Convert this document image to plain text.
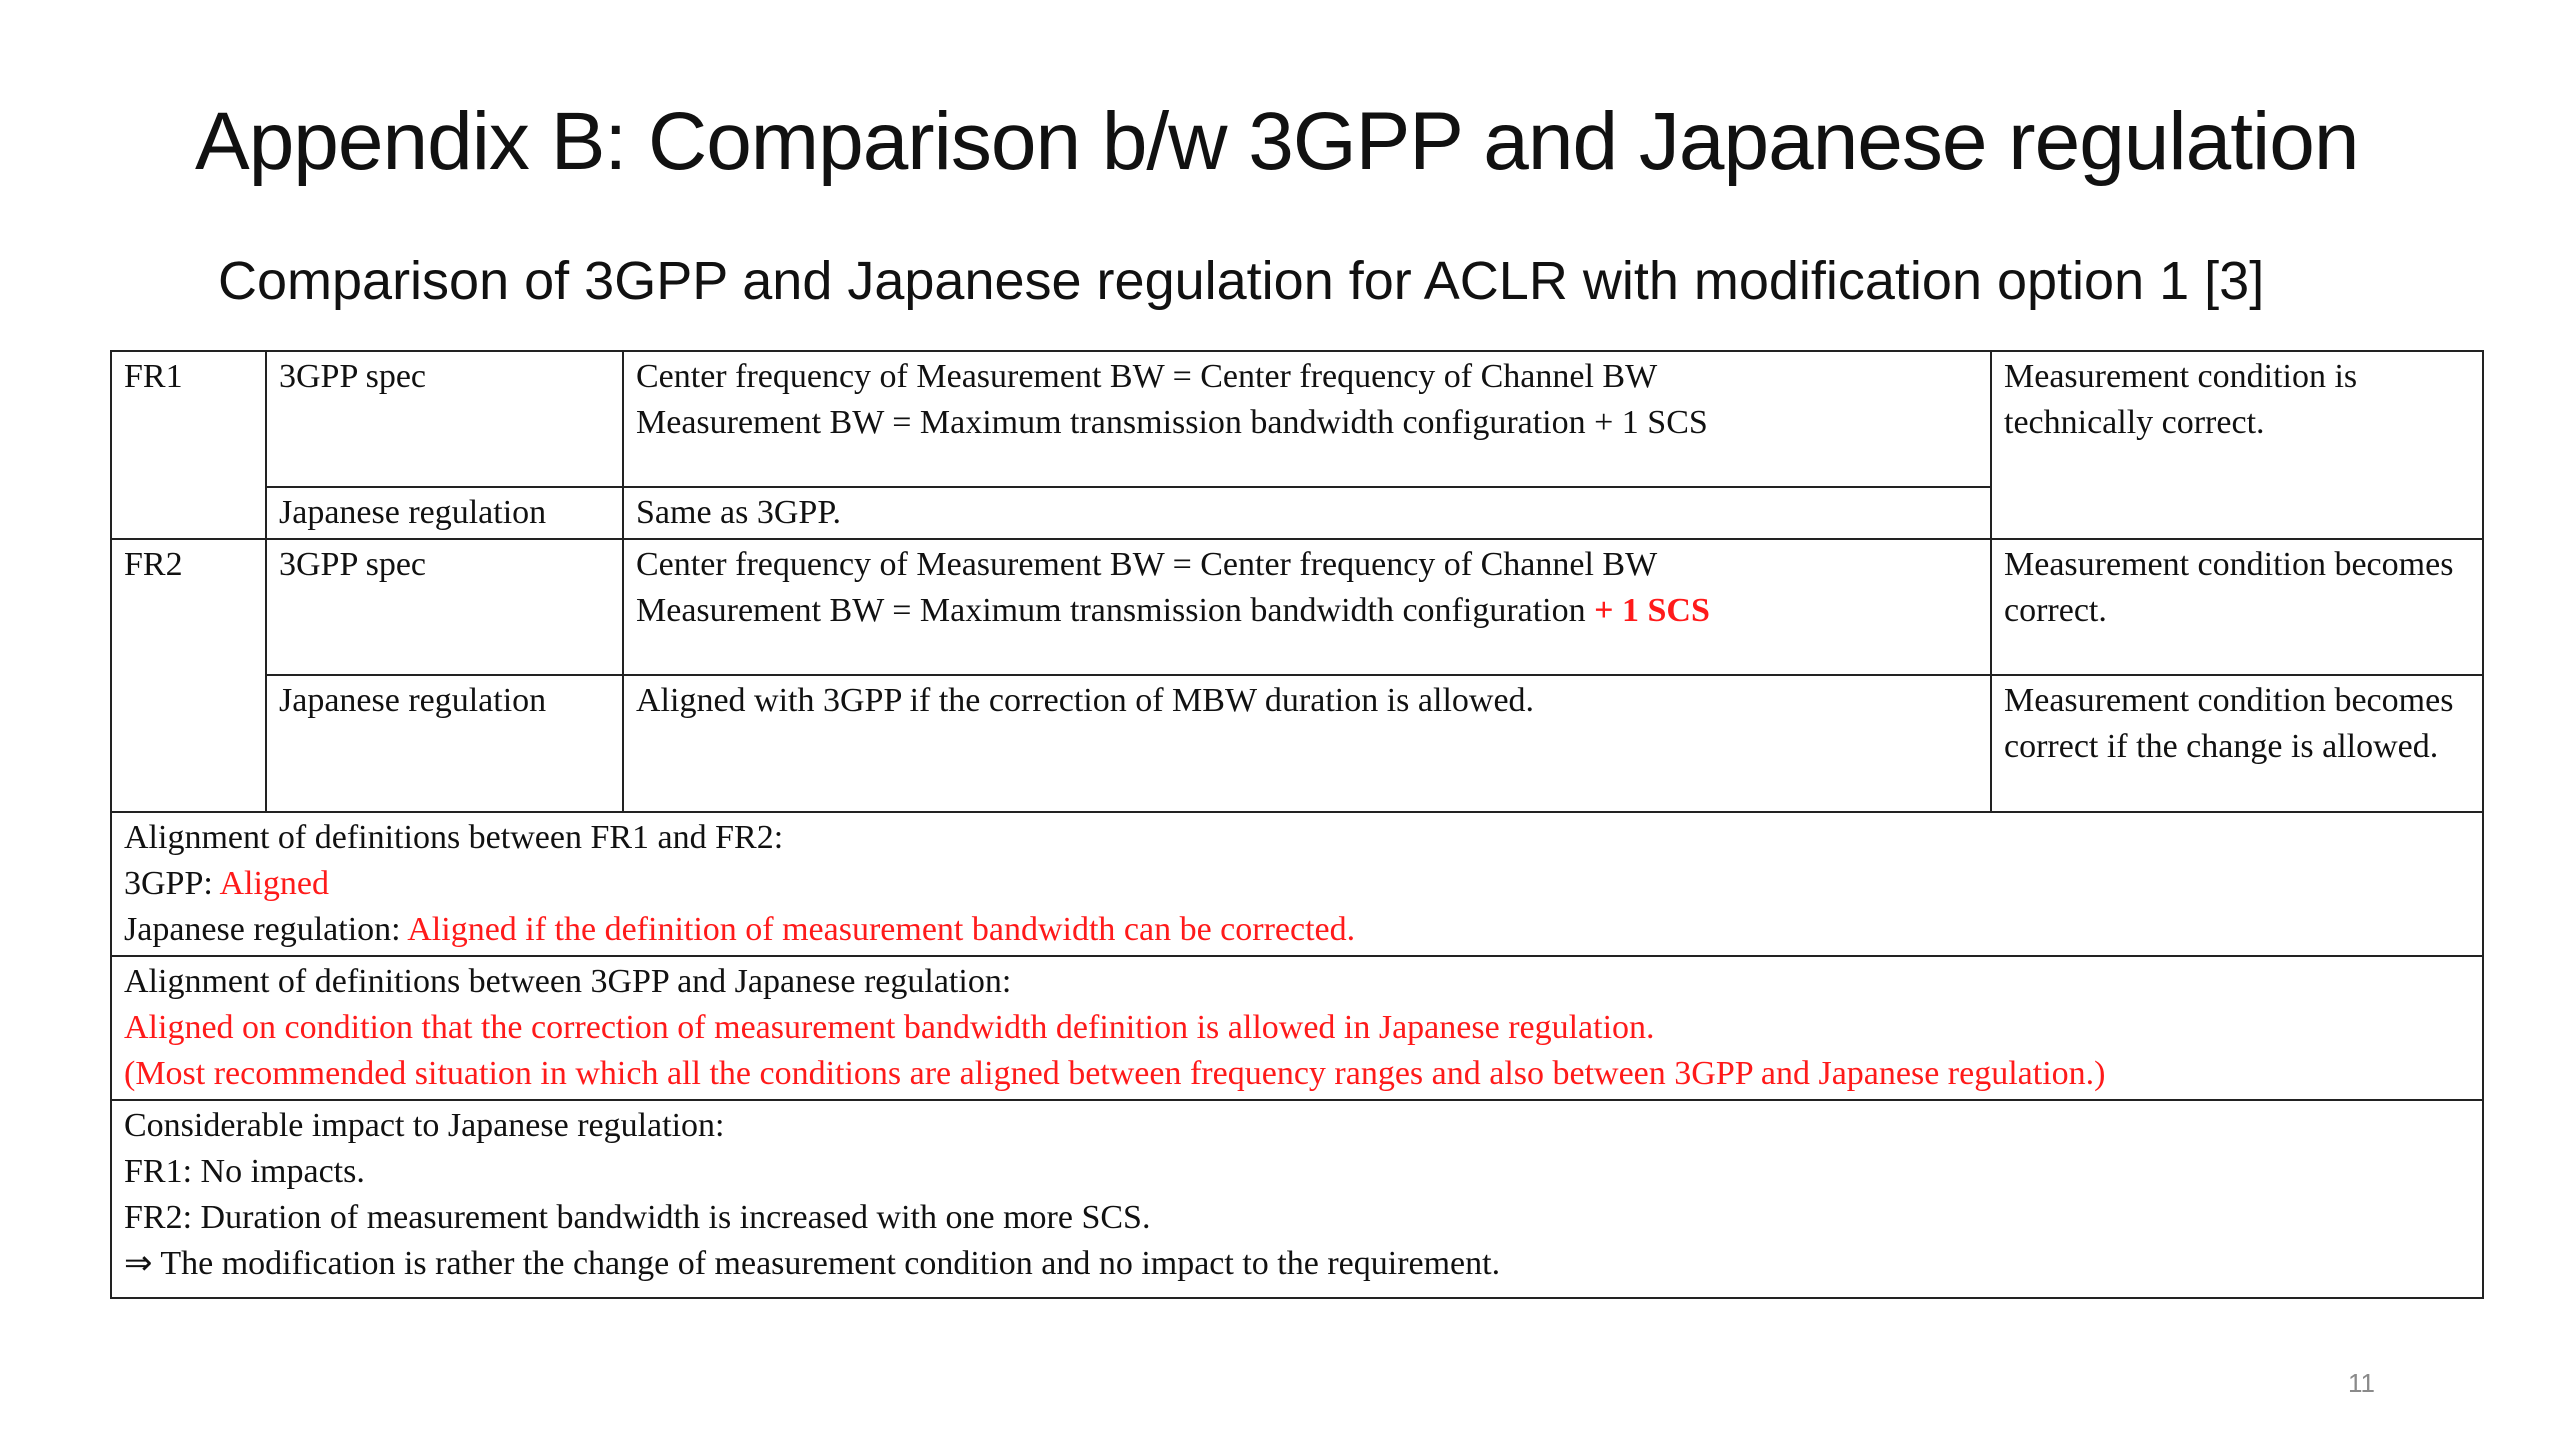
Appendix B: Comparison b/w 3GPP and Japanese regulation
Comparison of 3GPP and Japanese regulation for ACLR with modification option 1 [3]
FR1	3GPP spec	Center frequency of Measurement BW = Center frequency of Channel BW
Measurement BW = Maximum transmission bandwidth configuration + 1 SCS	Measurement condition is technically correct.
	Japanese regulation	Same as 3GPP.	
FR2	3GPP spec	Center frequency of Measurement BW = Center frequency of Channel BW
Measurement BW = Maximum transmission bandwidth configuration + 1 SCS	Measurement condition becomes correct.
	Japanese regulation	Aligned with 3GPP if the correction of MBW duration is allowed.	Measurement condition becomes correct if the change is allowed.

Alignment of definitions between FR1 and FR2:
3GPP: Aligned
Japanese regulation: Aligned if the definition of measurement bandwidth can be corrected.			

Alignment of definitions between 3GPP and Japanese regulation:
Aligned on condition that the correction of measurement bandwidth definition is allowed in Japanese regulation.
(Most recommended situation in which all the conditions are aligned between frequency ranges and also between 3GPP and Japanese regulation.)			

Considerable impact to Japanese regulation:
FR1: No impacts.
FR2: Duration of measurement bandwidth is increased with one more SCS.
⇒ The modification is rather the change of measurement condition and no impact to the requirement.			
11
